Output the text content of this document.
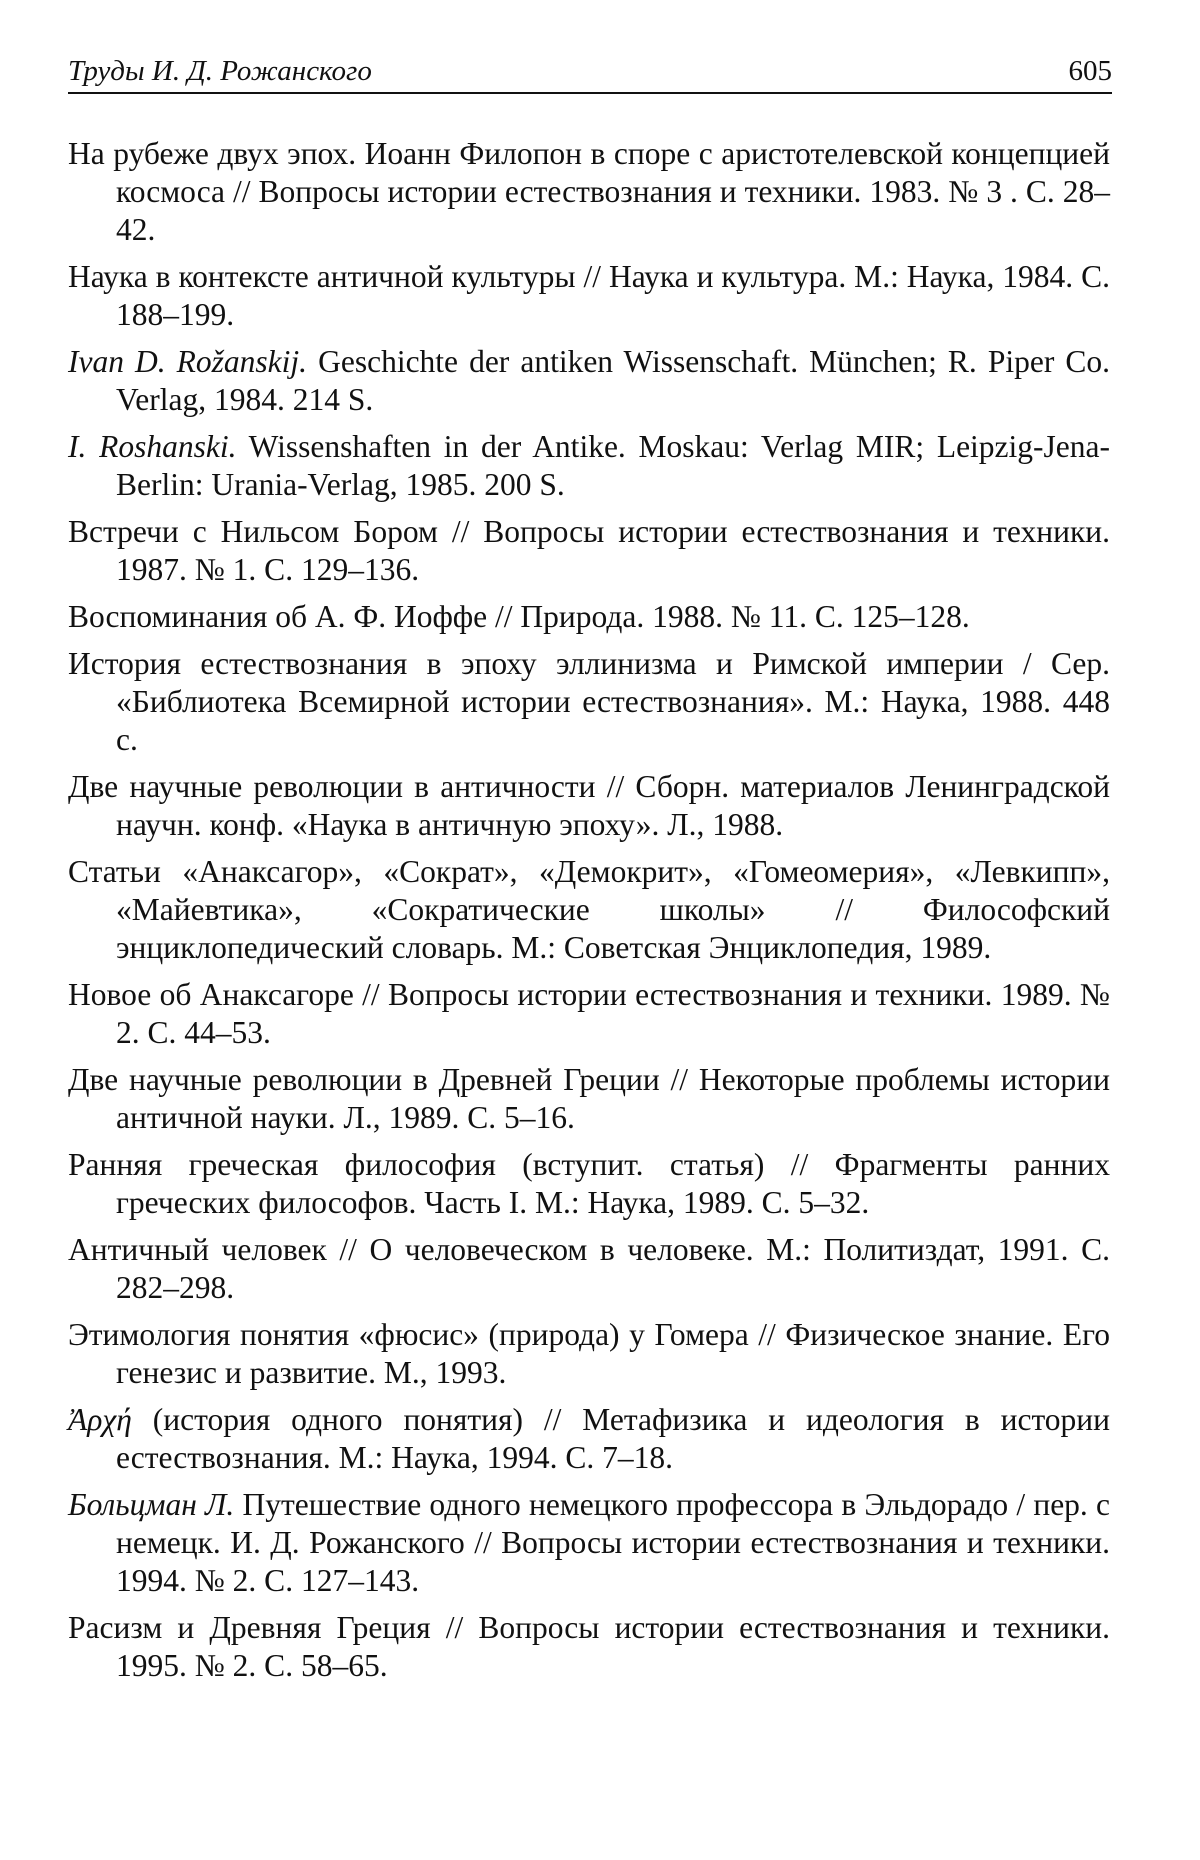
Труды И. Д. Рожанского	605
На рубеже двух эпох. Иоанн Филопон в споре с аристотелевской концепцией космоса // Вопросы истории естествознания и техники. 1983. № 3 . С. 28–42.
Наука в контексте античной культуры // Наука и культура. М.: Наука, 1984. С. 188–199.
Ivan D. Rožanskij. Geschichte der antiken Wissenschaft. München; R. Piper Co. Verlag, 1984. 214 S.
I. Roshanski. Wissenshaften in der Antike. Moskau: Verlag MIR; Leipzig-Jena-Berlin: Urania-Verlag, 1985. 200 S.
Встречи с Нильсом Бором // Вопросы истории естествознания и техники. 1987. № 1. С. 129–136.
Воспоминания об А. Ф. Иоффе // Природа. 1988. № 11. С. 125–128.
История естествознания в эпоху эллинизма и Римской империи / Сер. «Библиотека Всемирной истории естествознания». М.: Наука, 1988. 448 с.
Две научные революции в античности // Сборн. материалов Ленинградской научн. конф. «Наука в античную эпоху». Л., 1988.
Статьи «Анаксагор», «Сократ», «Демокрит», «Гомеомерия», «Левкипп», «Майевтика», «Сократические школы» // Философский энциклопедический словарь. М.: Советская Энциклопедия, 1989.
Новое об Анаксагоре // Вопросы истории естествознания и техники. 1989. № 2. С. 44–53.
Две научные революции в Древней Греции // Некоторые проблемы истории античной науки. Л., 1989. С. 5–16.
Ранняя греческая философия (вступит. статья) // Фрагменты ранних греческих философов. Часть I. М.: Наука, 1989. С. 5–32.
Античный человек // О человеческом в человеке. М.: Политиздат, 1991. С. 282–298.
Этимология понятия «фюсис» (природа) у Гомера // Физическое знание. Его генезис и развитие. М., 1993.
Ἀρχή (история одного понятия) // Метафизика и идеология в истории естествознания. М.: Наука, 1994. С. 7–18.
Больцман Л. Путешествие одного немецкого профессора в Эльдорадо / пер. с немецк. И. Д. Рожанского // Вопросы истории естествознания и техники. 1994. № 2. С. 127–143.
Расизм и Древняя Греция // Вопросы истории естествознания и техники. 1995. № 2. С. 58–65.
